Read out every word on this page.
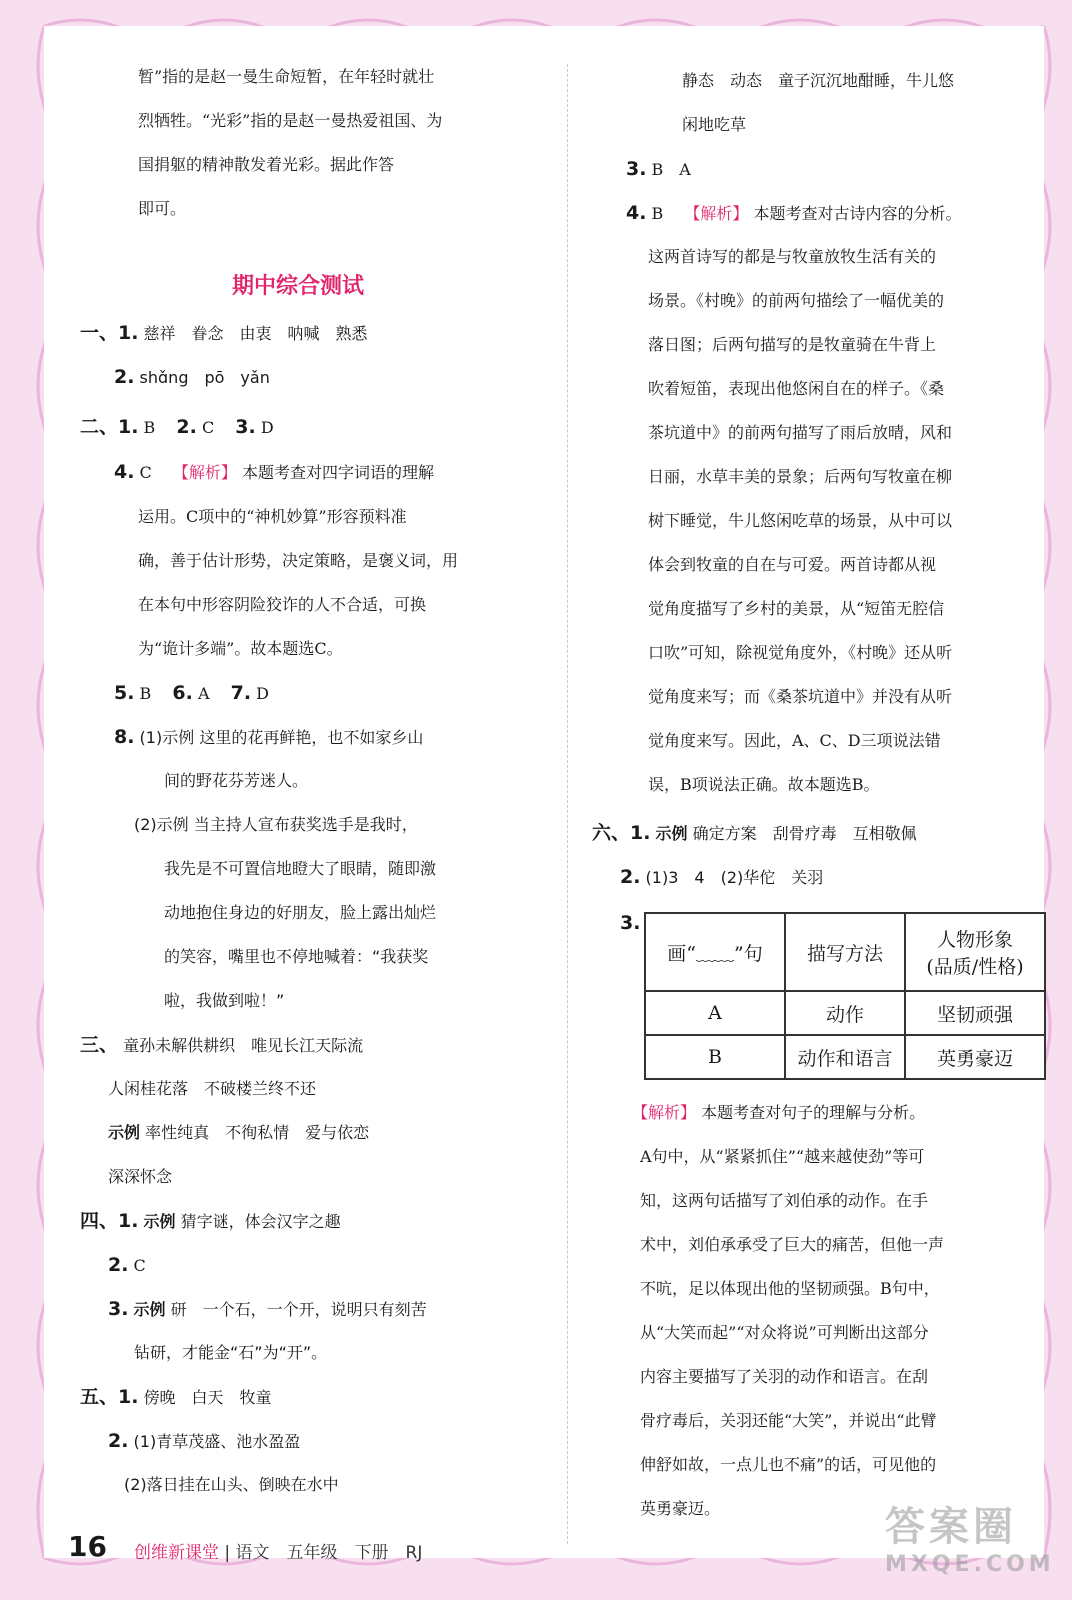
暂”指的是赵一曼生命短暂，在年轻时就壮
烈牺牲。“光彩”指的是赵一曼热爱祖国、为
国捐躯的精神散发着光彩。据此作答
即可。
期中综合测试
一、1. 慈祥　眷念　由衷　呐喊　熟悉
2. shɑ̌ng　pō　yǎn
二、1. B　 2. C　 3. D
4. C　 【解析】 本题考查对四字词语的理解
运用。C项中的“神机妙算”形容预料准
确，善于估计形势，决定策略，是褒义词，用
在本句中形容阴险狡诈的人不合适，可换
为“诡计多端”。故本题选C。
5. B　 6. A　 7. D
8. (1)示例 这里的花再鲜艳，也不如家乡山
间的野花芬芳迷人。
(2)示例 当主持人宣布获奖选手是我时，
我先是不可置信地瞪大了眼睛，随即激
动地抱住身边的好朋友，脸上露出灿烂
的笑容，嘴里也不停地喊着：“我获奖
啦，我做到啦！”
三、 童孙未解供耕织　唯见长江天际流
人闲桂花落　不破楼兰终不还
示例 率性纯真　不徇私情　爱与依恋
深深怀念
四、1. 示例 猜字谜，体会汉字之趣
2. C
3. 示例 研　一个石，一个开，说明只有刻苦
钻研，才能金“石”为“开”。
五、1. 傍晚　白天　牧童
2. (1)青草茂盛、池水盈盈
(2)落日挂在山头、倒映在水中
静态　动态　童子沉沉地酣睡，牛儿悠
闲地吃草
3. B　A
4. B　 【解析】 本题考查对古诗内容的分析。
这两首诗写的都是与牧童放牧生活有关的
场景。《村晚》的前两句描绘了一幅优美的
落日图；后两句描写的是牧童骑在牛背上
吹着短笛，表现出他悠闲自在的样子。《桑
茶坑道中》的前两句描写了雨后放晴，风和
日丽，水草丰美的景象；后两句写牧童在柳
树下睡觉，牛儿悠闲吃草的场景，从中可以
体会到牧童的自在与可爱。两首诗都从视
觉角度描写了乡村的美景，从“短笛无腔信
口吹”可知，除视觉角度外，《村晚》还从听
觉角度来写；而《桑茶坑道中》并没有从听
觉角度来写。因此，A、C、D三项说法错
误，B项说法正确。故本题选B。
六、1. 示例 确定方案　刮骨疗毒　互相敬佩
2. (1)3　4　(2)华佗　关羽
3.
画“﹏﹏”句	描写方法	人物形象
(品质/性格)
A	动作	坚韧顽强
B	动作和语言	英勇豪迈
【解析】 本题考查对句子的理解与分析。
A句中，从“紧紧抓住”“越来越使劲”等可
知，这两句话描写了刘伯承的动作。在手
术中，刘伯承承受了巨大的痛苦，但他一声
不吭，足以体现出他的坚韧顽强。B句中，
从“大笑而起”“对众将说”可判断出这部分
内容主要描写了关羽的动作和语言。在刮
骨疗毒后，关羽还能“大笑”，并说出“此臂
伸舒如故，一点儿也不痛”的话，可见他的
英勇豪迈。
16 创维新课堂 | 语文　五年级　下册　RJ
答案圈
MXQE.COM
